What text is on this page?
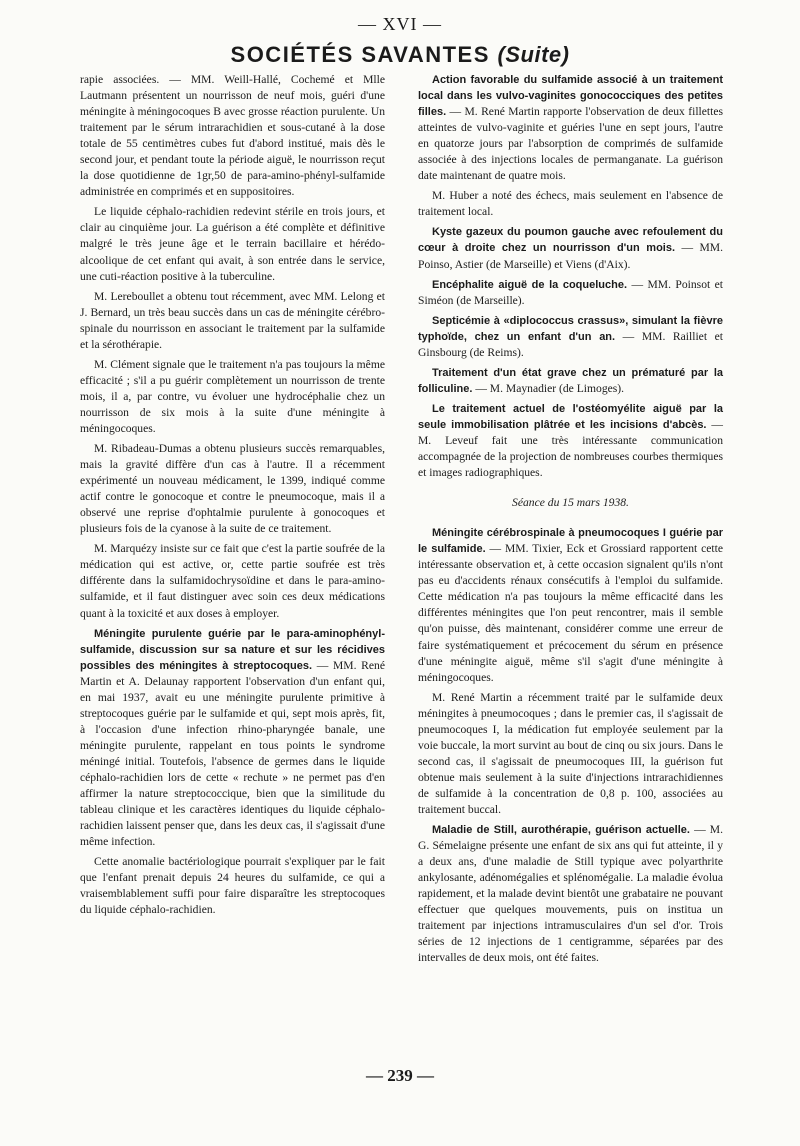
— XVI —
SOCIÉTÉS SAVANTES (Suite)

rapie associées. — MM. Weill-Hallé, Cochemé et Mlle Lautmann présentent un nourrisson de neuf mois, guéri d'une méningite à méningocoques B avec grosse réaction purulente. Un traitement par le sérum intrarachidien et sous-cutané à la dose totale de 55 centimètres cubes fut d'abord institué, mais dès le second jour, et pendant toute la période aiguë, le nourrisson reçut la dose quotidienne de 1gr,50 de para-amino-phényl-sulfamide administrée en comprimés et en suppositoires.

Le liquide céphalo-rachidien redevint stérile en trois jours, et clair au cinquième jour. La guérison a été complète et définitive malgré le très jeune âge et le terrain bacillaire et hérédo-alcoolique de cet enfant qui avait, à son entrée dans le service, une cuti-réaction positive à la tuberculine.

M. Lereboullet a obtenu tout récemment, avec MM. Lelong et J. Bernard, un très beau succès dans un cas de méningite cérébro-spinale du nourrisson en associant le traitement par la sulfamide et la sérothérapie.

M. Clément signale que le traitement n'a pas toujours la même efficacité ; s'il a pu guérir complètement un nourrisson de trente mois, il a, par contre, vu évoluer une hydrocéphalie chez un nourrisson de six mois à la suite d'une méningite à méningocoques.

M. Ribadeau-Dumas a obtenu plusieurs succès remarquables, mais la gravité diffère d'un cas à l'autre. Il a récemment expérimenté un nouveau médicament, le 1399, indiqué comme actif contre le gonocoque et contre le pneumocoque, mais il a observé une reprise d'ophtalmie purulente à gonocoques et plusieurs fois de la cyanose à la suite de ce traitement.

M. Marquézy insiste sur ce fait que c'est la partie soufrée de la médication qui est active, or, cette partie soufrée est très différente dans la sulfamidochrysoïdine et dans le para-amino-sulfamide, et il faut distinguer avec soin ces deux médications quant à la toxicité et aux doses à employer.

Méningite purulente guérie par le para-aminophényl-sulfamide, discussion sur sa nature et sur les récidives possibles des méningites à streptocoques. — MM. René Martin et A. Delaunay rapportent l'observation d'un enfant qui, en mai 1937, avait eu une méningite purulente primitive à streptocoques guérie par le sulfamide et qui, sept mois après, fit, à l'occasion d'une infection rhino-pharyngée banale, une méningite purulente, rappelant en tous points le syndrome méningé initial. Toutefois, l'absence de germes dans le liquide céphalo-rachidien lors de cette « rechute » ne permet pas d'en affirmer la nature streptococcique, bien que la similitude du tableau clinique et les caractères identiques du liquide céphalo-rachidien laissent penser que, dans les deux cas, il s'agissait d'une même infection.

Cette anomalie bactériologique pourrait s'expliquer par le fait que l'enfant prenait depuis 24 heures du sulfamide, ce qui a vraisemblablement suffi pour faire disparaître les streptocoques du liquide céphalo-rachidien.

Action favorable du sulfamide associé à un traitement local dans les vulvo-vaginites gonococciques des petites filles. — M. René Martin rapporte l'observation de deux fillettes atteintes de vulvo-vaginite et guéries l'une en sept jours, l'autre en quatorze jours par l'absorption de comprimés de sulfamide associée à des injections locales de permanganate. La guérison date maintenant de quatre mois.

M. Huber a noté des échecs, mais seulement en l'absence de traitement local.

Kyste gazeux du poumon gauche avec refoulement du cœur à droite chez un nourrisson d'un mois. — MM. Poinso, Astier (de Marseille) et Viens (d'Aix).

Encéphalite aiguë de la coqueluche. — MM. Poinsot et Siméon (de Marseille).

Septicémie à «diplococcus crassus», simulant la fièvre typhoïde, chez un enfant d'un an. — MM. Railliet et Ginsbourg (de Reims).

Traitement d'un état grave chez un prématuré par la folliculine. — M. Maynadier (de Limoges).

Le traitement actuel de l'ostéomyélite aiguë par la seule immobilisation plâtrée et les incisions d'abcès. — M. Leveuf fait une très intéressante communication accompagnée de la projection de nombreuses courbes thermiques et images radiographiques.

Séance du 15 mars 1938.

Méningite cérébrospinale à pneumocoques I guérie par le sulfamide. — MM. Tixier, Eck et Grossiard rapportent cette intéressante observation et, à cette occasion signalent qu'ils n'ont pas eu d'accidents rénaux consécutifs à l'emploi du sulfamide. Cette médication n'a pas toujours la même efficacité dans les différentes méningites que l'on peut rencontrer, mais il semble qu'on puisse, dès maintenant, considérer comme une erreur de faire systématiquement et précocement du sérum en présence d'une méningite aiguë, même s'il s'agit d'une méningite à méningocoques.

M. René Martin a récemment traité par le sulfamide deux méningites à pneumocoques ; dans le premier cas, il s'agissait de pneumocoques I, la médication fut employée seulement par la voie buccale, la mort survint au bout de cinq ou six jours. Dans le second cas, il s'agissait de pneumocoques III, la guérison fut obtenue mais seulement à la suite d'injections intrarachidiennes de sulfamide à la concentration de 0,8 p. 100, associées au traitement buccal.

Maladie de Still, aurothérapie, guérison actuelle. — M. G. Sémelaigne présente une enfant de six ans qui fut atteinte, il y a deux ans, d'une maladie de Still typique avec polyarthrite ankylosante, adénomégalies et splénomégalie. La maladie évolua rapidement, et la malade devint bientôt une grabataire ne pouvant effectuer que quelques mouvements, puis on institua un traitement par injections intramusculaires d'un sel d'or. Trois séries de 12 injections de 1 centigramme, séparées par des intervalles de deux mois, ont été faites.

— 239 —
